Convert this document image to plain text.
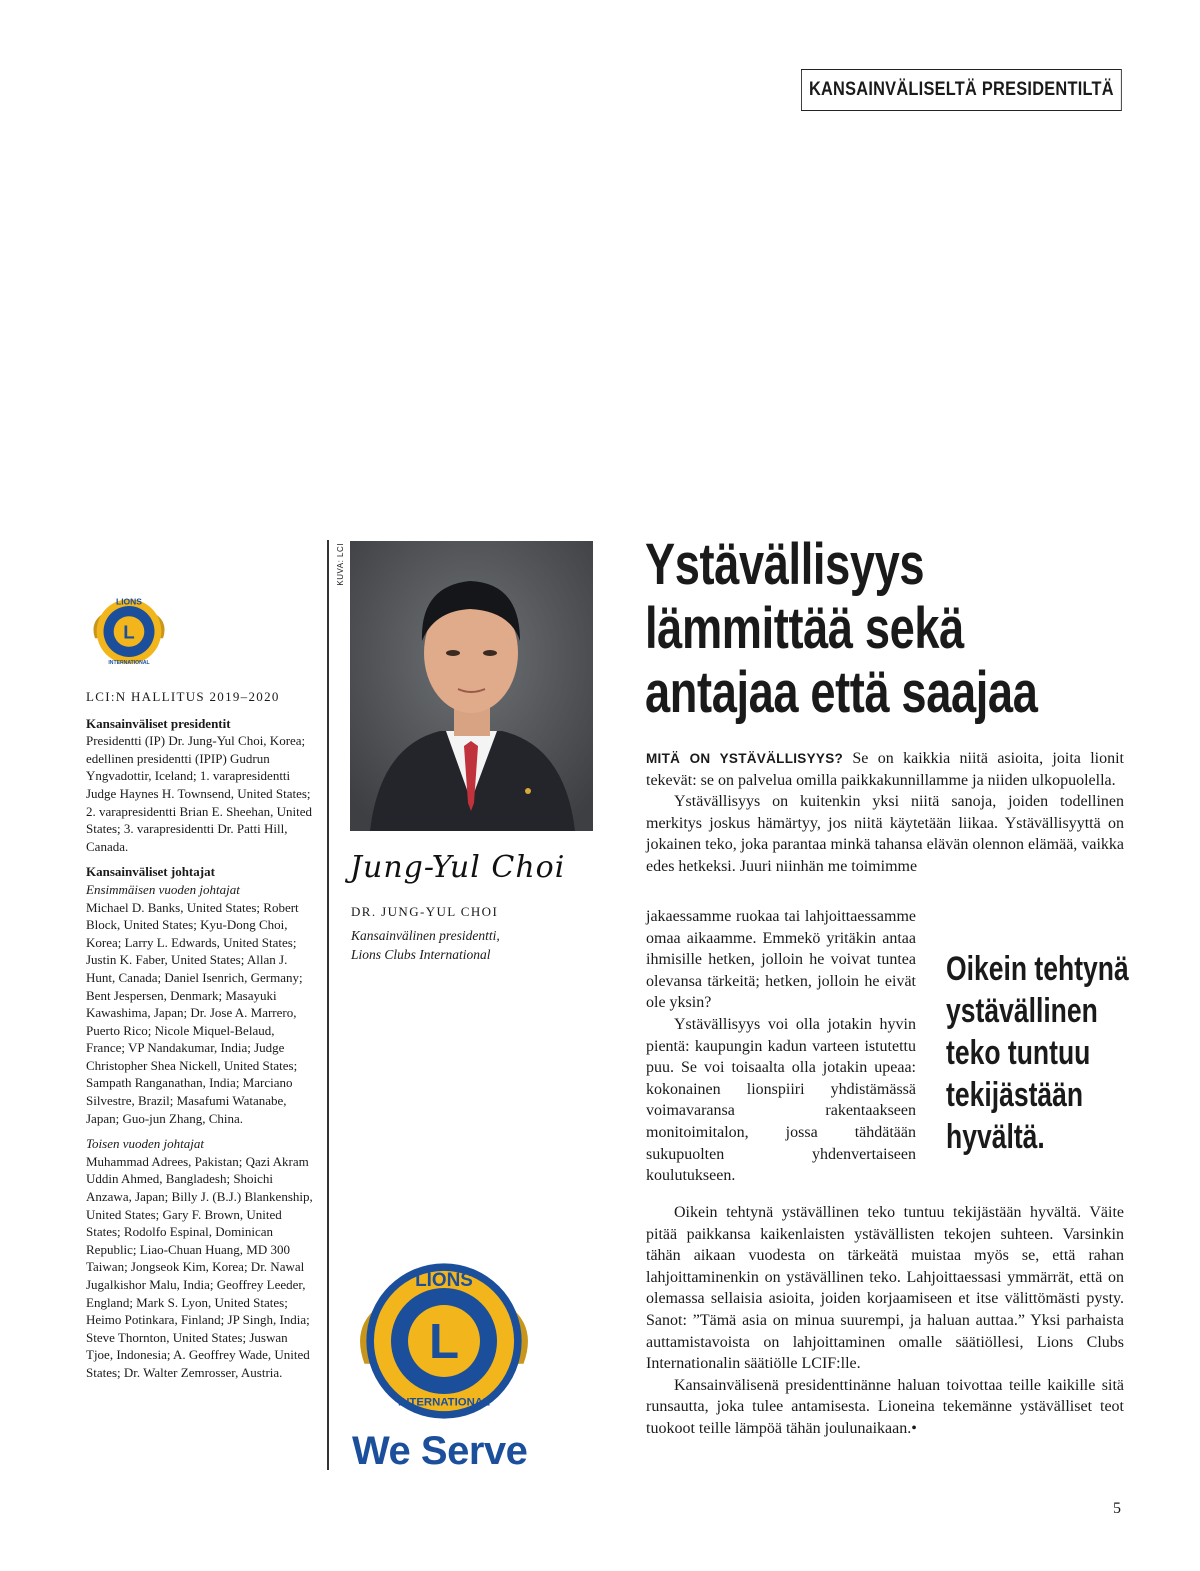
KANSAINVÄLISELTÄ PRESIDENTILTÄ
LIONS
L
INTERNATIONAL
LCI:N HALLITUS 2019–2020

Kansainväliset presidentit

Presidentti (IP) Dr. Jung-Yul Choi, Korea; edellinen presidentti (IPIP) Gudrun Yngvadottir, Iceland; 1. varapresidentti Judge Haynes H. Townsend, United States; 2. varapresidentti Brian E. Sheehan, United States; 3. varapresidentti Dr. Patti Hill, Canada.

Kansainväliset johtajat

Ensimmäisen vuoden johtajat

Michael D. Banks, United States; Robert Block, United States; Kyu-Dong Choi, Korea; Larry L. Edwards, United States; Justin K. Faber, United States; Allan J. Hunt, Canada; Daniel Isenrich, Germany; Bent Jespersen, Denmark; Masayuki Kawashima, Japan; Dr. Jose A. Marrero, Puerto Rico; Nicole Miquel-Belaud, France; VP Nandakumar, India; Judge Christopher Shea Nickell, United States; Sampath Ranganathan, India; Marciano Silvestre, Brazil; Masafumi Watanabe, Japan; Guo-jun Zhang, China.

Toisen vuoden johtajat

Muhammad Adrees, Pakistan; Qazi Akram Uddin Ahmed, Bangladesh; Shoichi Anzawa, Japan; Billy J. (B.J.) Blankenship, United States; Gary F. Brown, United States; Rodolfo Espinal, Dominican Republic; Liao-Chuan Huang, MD 300 Taiwan; Jongseok Kim, Korea; Dr. Nawal Jugalkishor Malu, India; Geoffrey Leeder, England; Mark S. Lyon, United States; Heimo Potinkara, Finland; JP Singh, India; Steve Thornton, United States; Juswan Tjoe, Indonesia; A. Geoffrey Wade, United States; Dr. Walter Zemrosser, Austria.

KUVA: LCI
Jung-Yul Choi
DR. JUNG-YUL CHOI
Kansainvälinen presidentti,
Lions Clubs International
LIONS
L
INTERNATIONAL
We Serve
Ystävällisyys
lämmittää sekä
antajaa että saajaa

MITÄ ON YSTÄVÄLLISYYS? Se on kaikkia niitä asioita, joita lionit tekevät: se on palvelua omilla paikkakunnillamme ja niiden ulkopuolella.

Ystävällisyys on kuitenkin yksi niitä sanoja, joiden todellinen merkitys joskus hämärtyy, jos niitä käytetään liikaa. Ystävällisyyttä on jokainen teko, joka parantaa minkä tahansa elävän olennon elämää, vaikka edes hetkeksi. Juuri niinhän me toimimme

jakaessamme ruokaa tai lahjoittaessamme omaa aikaamme. Emmekö yritäkin antaa ihmisille hetken, jolloin he voivat tuntea olevansa tärkeitä; hetken, jolloin he eivät ole yksin?

Ystävällisyys voi olla jotakin hyvin pientä: kaupungin kadun varteen istutettu puu. Se voi toisaalta olla jotakin upeaa: kokonainen lionspiiri yhdistämässä voimavaransa rakentaakseen monitoimitalon, jossa tähdätään sukupuolten yhdenvertaiseen koulutukseen.

Oikein tehtynä ystävällinen teko tuntuu tekijästään hyvältä.

Oikein tehtynä ystävällinen teko tuntuu tekijästään hyvältä. Väite pitää paikkansa kaikenlaisten ystävällisten tekojen suhteen. Varsinkin tähän aikaan vuodesta on tärkeätä muistaa myös se, että rahan lahjoittaminenkin on ystävällinen teko. Lahjoittaessasi ymmärrät, että on olemassa sellaisia asioita, joiden korjaamiseen et itse välittömästi pysty. Sanot: ”Tämä asia on minua suurempi, ja haluan auttaa.” Yksi parhaista auttamistavoista on lahjoittaminen omalle säätiöllesi, Lions Clubs Internationalin säätiölle LCIF:lle.

Kansainvälisenä presidenttinänne haluan toivottaa teille kaikille sitä runsautta, joka tulee antamisesta. Lioneina tekemänne ystävälliset teot tuokoot teille lämpöä tähän joulunaikaan.•

5
